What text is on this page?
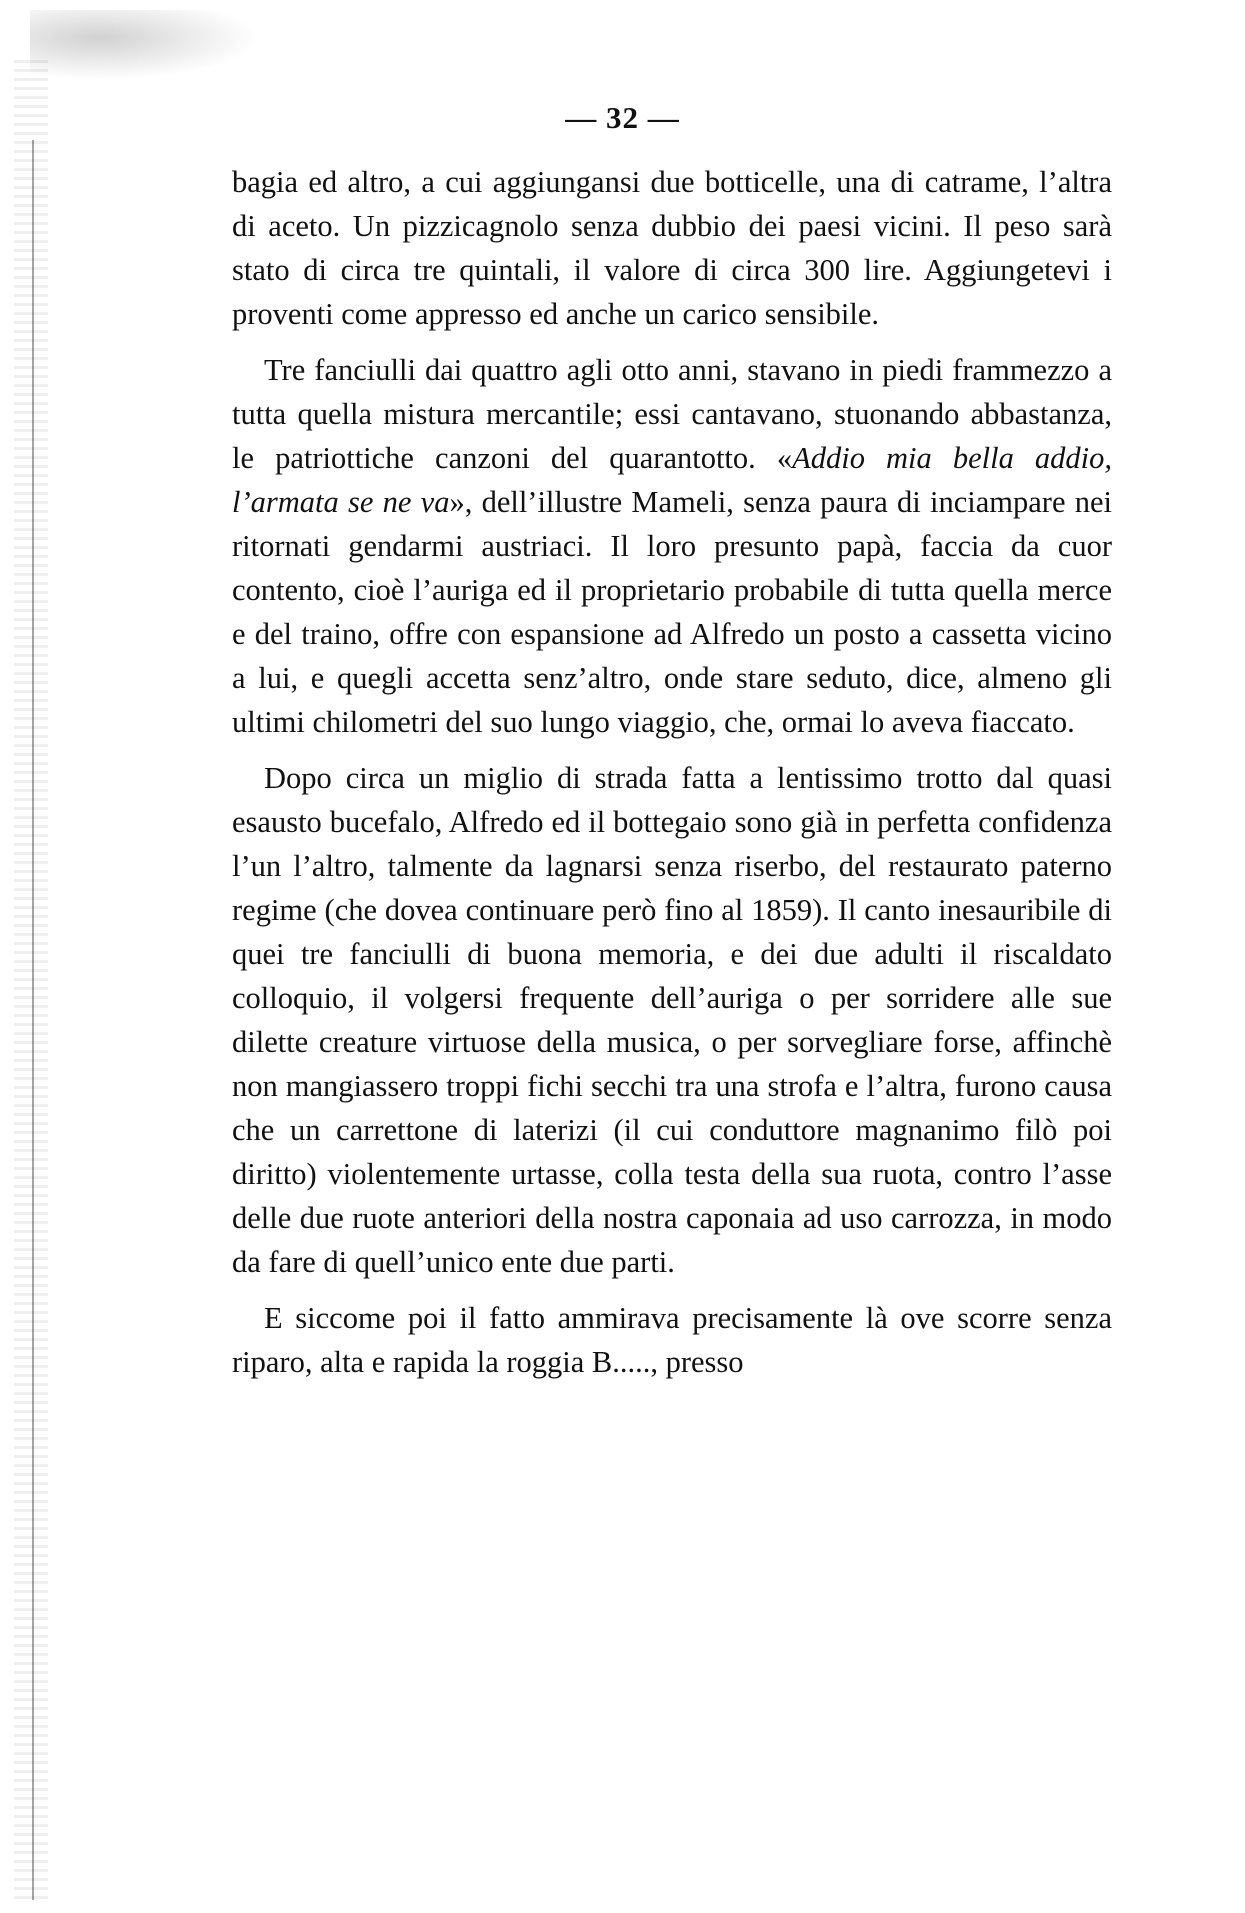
— 32 —

bagia ed altro, a cui aggiungansi due botticelle, una di catrame, l’altra di aceto. Un pizzicagnolo senza dubbio dei paesi vicini. Il peso sarà stato di circa tre quintali, il valore di circa 300 lire. Aggiungetevi i proventi come appresso ed anche un carico sensibile.

Tre fanciulli dai quattro agli otto anni, stavano in piedi frammezzo a tutta quella mistura mercantile; essi cantavano, stuonando abbastanza, le patriottiche canzoni del quarantotto. «Addio mia bella addio, l’armata se ne va», dell’illustre Mameli, senza paura di inciampare nei ritornati gendarmi austriaci. Il loro presunto papà, faccia da cuor contento, cioè l’auriga ed il proprietario probabile di tutta quella merce e del traino, offre con espansione ad Alfredo un posto a cassetta vicino a lui, e quegli accetta senz’altro, onde stare seduto, dice, almeno gli ultimi chilometri del suo lungo viaggio, che, ormai lo aveva fiaccato.

Dopo circa un miglio di strada fatta a lentissimo trotto dal quasi esausto bucefalo, Alfredo ed il bottegaio sono già in perfetta confidenza l’un l’altro, talmente da lagnarsi senza riserbo, del restaurato paterno regime (che dovea continuare però fino al 1859). Il canto inesauribile di quei tre fanciulli di buona memoria, e dei due adulti il riscaldato colloquio, il volgersi frequente dell’auriga o per sorridere alle sue dilette creature virtuose della musica, o per sorvegliare forse, affinchè non mangiassero troppi fichi secchi tra una strofa e l’altra, furono causa che un carrettone di laterizi (il cui conduttore magnanimo filò poi diritto) violentemente urtasse, colla testa della sua ruota, contro l’asse delle due ruote anteriori della nostra caponaia ad uso carrozza, in modo da fare di quell’unico ente due parti.

E siccome poi il fatto ammirava precisamente là ove scorre senza riparo, alta e rapida la roggia B....., presso
